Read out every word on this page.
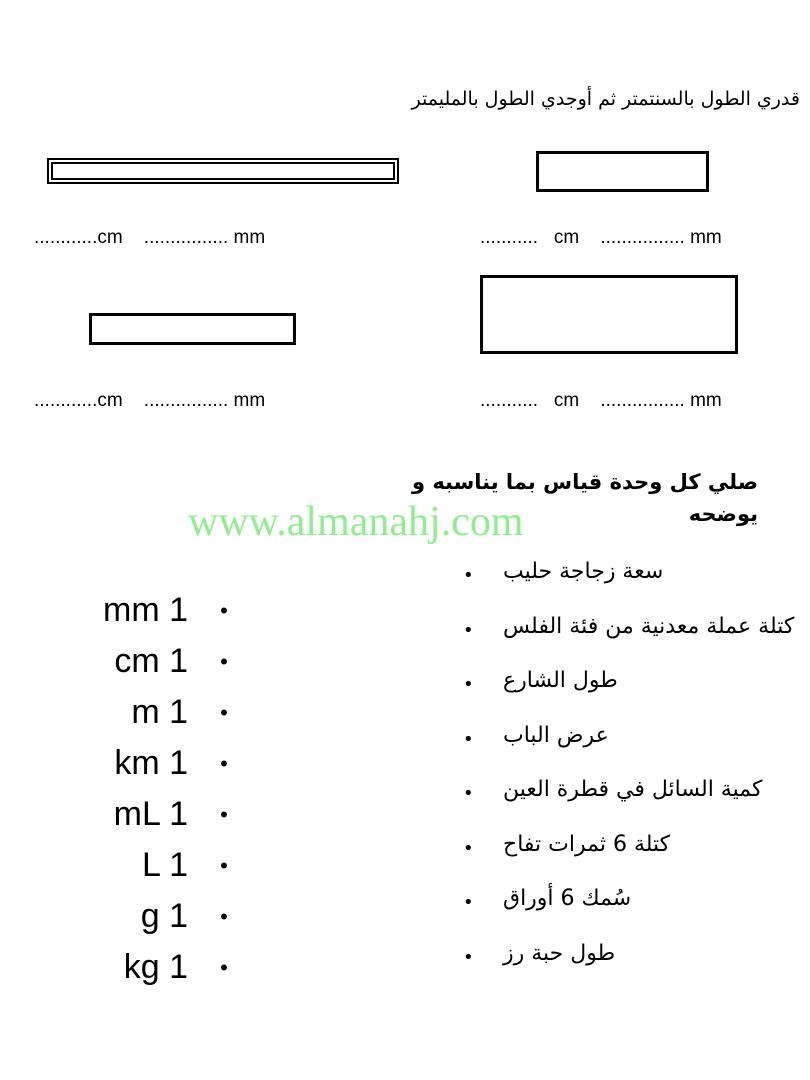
قدري الطول بالسنتمتر ثم أوجدي الطول بالمليمتر
............cm    ................ mm	...........   cm    ................ mm
............cm    ................ mm	...........   cm    ................ mm
صلي كل وحدة قياس بما يناسبه و يوضحه
www.almanahj.com
mm 1 •
cm 1 •
m 1 •
km 1 •
mL 1 •
L 1 •
g 1 •
kg 1 •
• سعة زجاجة حليب
• كتلة عملة معدنية من فئة الفلس
• طول الشارع
• عرض الباب
• كمية السائل في قطرة العين
• كتلة 6 ثمرات تفاح
• سُمك 6 أوراق
• طول حبة رز
